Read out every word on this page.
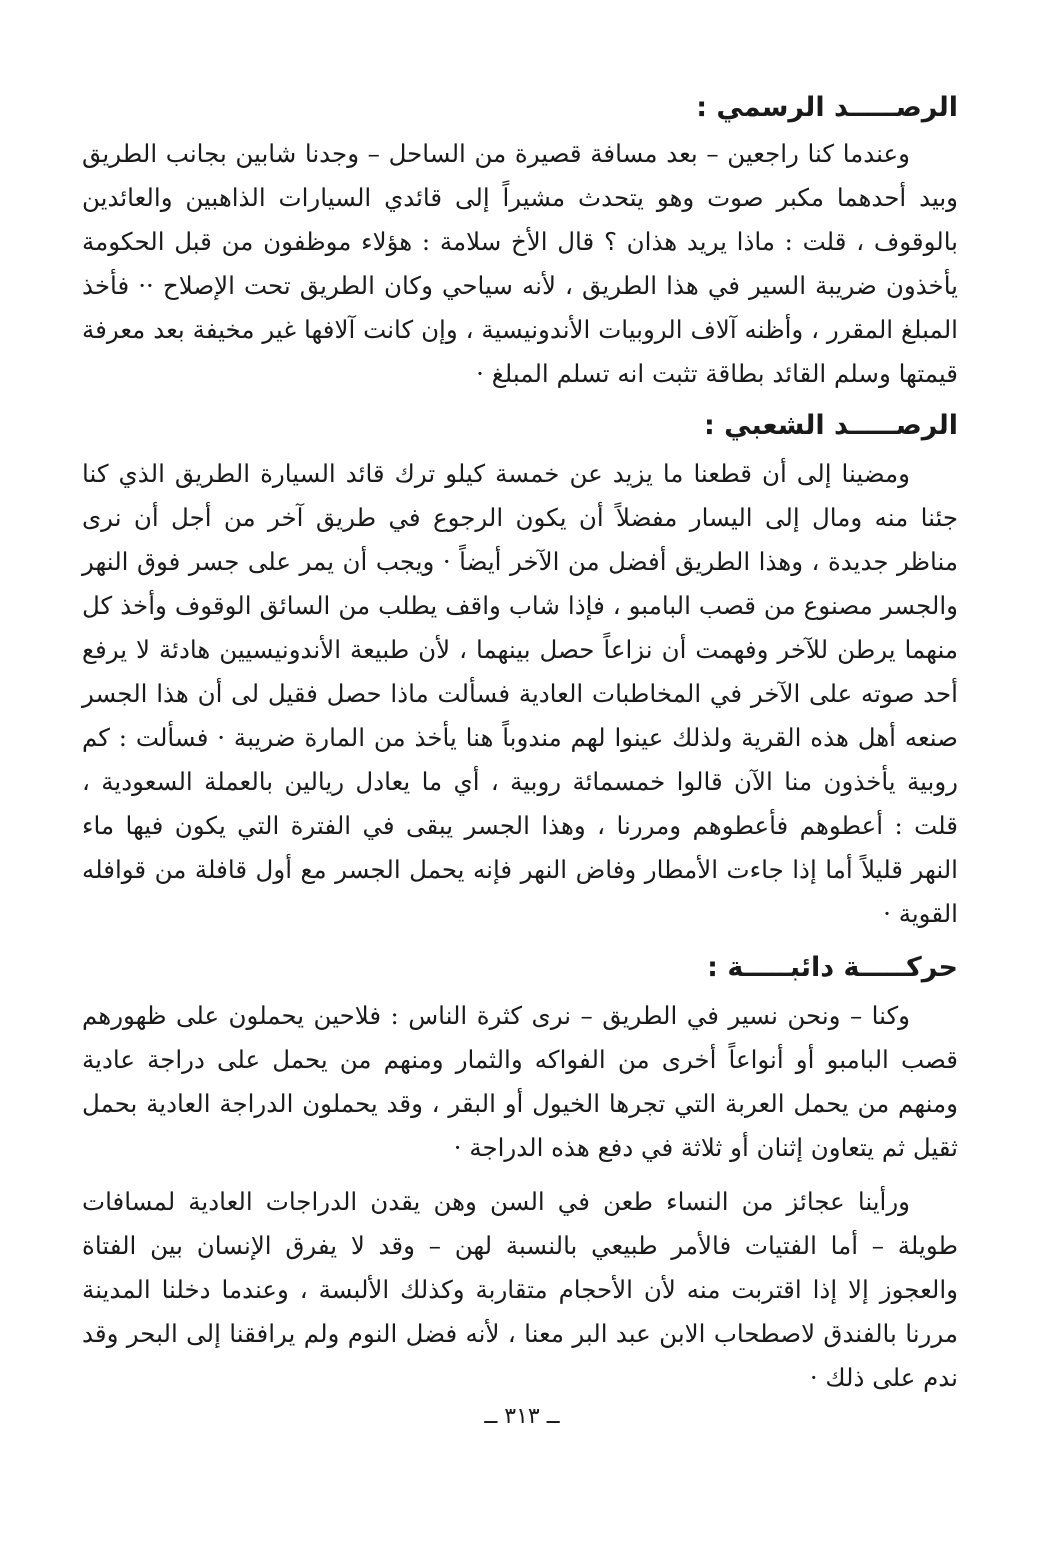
الرصـــــد الرسمي :

وعندما كنا راجعين – بعد مسافة قصيرة من الساحل – وجدنا شابين بجانب الطريق وبيد أحدهما مكبر صوت وهو يتحدث مشيراً إلى قائدي السيارات الذاهبين والعائدين بالوقوف ، قلت : ماذا يريد هذان ؟ قال الأخ سلامة : هؤلاء موظفون من قبل الحكومة يأخذون ضريبة السير في هذا الطريق ، لأنه سياحي وكان الطريق تحت الإصلاح ·· فأخذ المبلغ المقرر ، وأظنه آلاف الروبيات الأندونيسية ، وإن كانت آلافها غير مخيفة بعد معرفة قيمتها وسلم القائد بطاقة تثبت انه تسلم المبلغ ·

الرصـــــد الشعبي :

ومضينا إلى أن قطعنا ما يزيد عن خمسة كيلو ترك قائد السيارة الطريق الذي كنا جئنا منه ومال إلى اليسار مفضلاً أن يكون الرجوع في طريق آخر من أجل أن نرى مناظر جديدة ، وهذا الطريق أفضل من الآخر أيضاً · ويجب أن يمر على جسر فوق النهر والجسر مصنوع من قصب البامبو ، فإذا شاب واقف يطلب من السائق الوقوف وأخذ كل منهما يرطن للآخر وفهمت أن نزاعاً حصل بينهما ، لأن طبيعة الأندونيسيين هادئة لا يرفع أحد صوته على الآخر في المخاطبات العادية فسألت ماذا حصل فقيل لى أن هذا الجسر صنعه أهل هذه القرية ولذلك عينوا لهم مندوباً هنا يأخذ من المارة ضريبة · فسألت : كم روبية يأخذون منا الآن قالوا خمسمائة روبية ، أي ما يعادل ريالين بالعملة السعودية ، قلت : أعطوهم فأعطوهم ومررنا ، وهذا الجسر يبقى في الفترة التي يكون فيها ماء النهر قليلاً أما إذا جاءت الأمطار وفاض النهر فإنه يحمل الجسر مع أول قافلة من قوافله القوية ·

حركـــــة دائبـــــة :

وكنا – ونحن نسير في الطريق – نرى كثرة الناس : فلاحين يحملون على ظهورهم قصب البامبو أو أنواعاً أخرى من الفواكه والثمار ومنهم من يحمل على دراجة عادية ومنهم من يحمل العربة التي تجرها الخيول أو البقر ، وقد يحملون الدراجة العادية بحمل ثقيل ثم يتعاون إثنان أو ثلاثة في دفع هذه الدراجة ·

ورأينا عجائز من النساء طعن في السن وهن يقدن الدراجات العادية لمسافات طويلة – أما الفتيات فالأمر طبيعي بالنسبة لهن – وقد لا يفرق الإنسان بين الفتاة والعجوز إلا إذا اقتربت منه لأن الأحجام متقاربة وكذلك الألبسة ، وعندما دخلنا المدينة مررنا بالفندق لاصطحاب الابن عبد البر معنا ، لأنه فضل النوم ولم يرافقنا إلى البحر وقد ندم على ذلك ·

ــ ٣١٣ ــ
